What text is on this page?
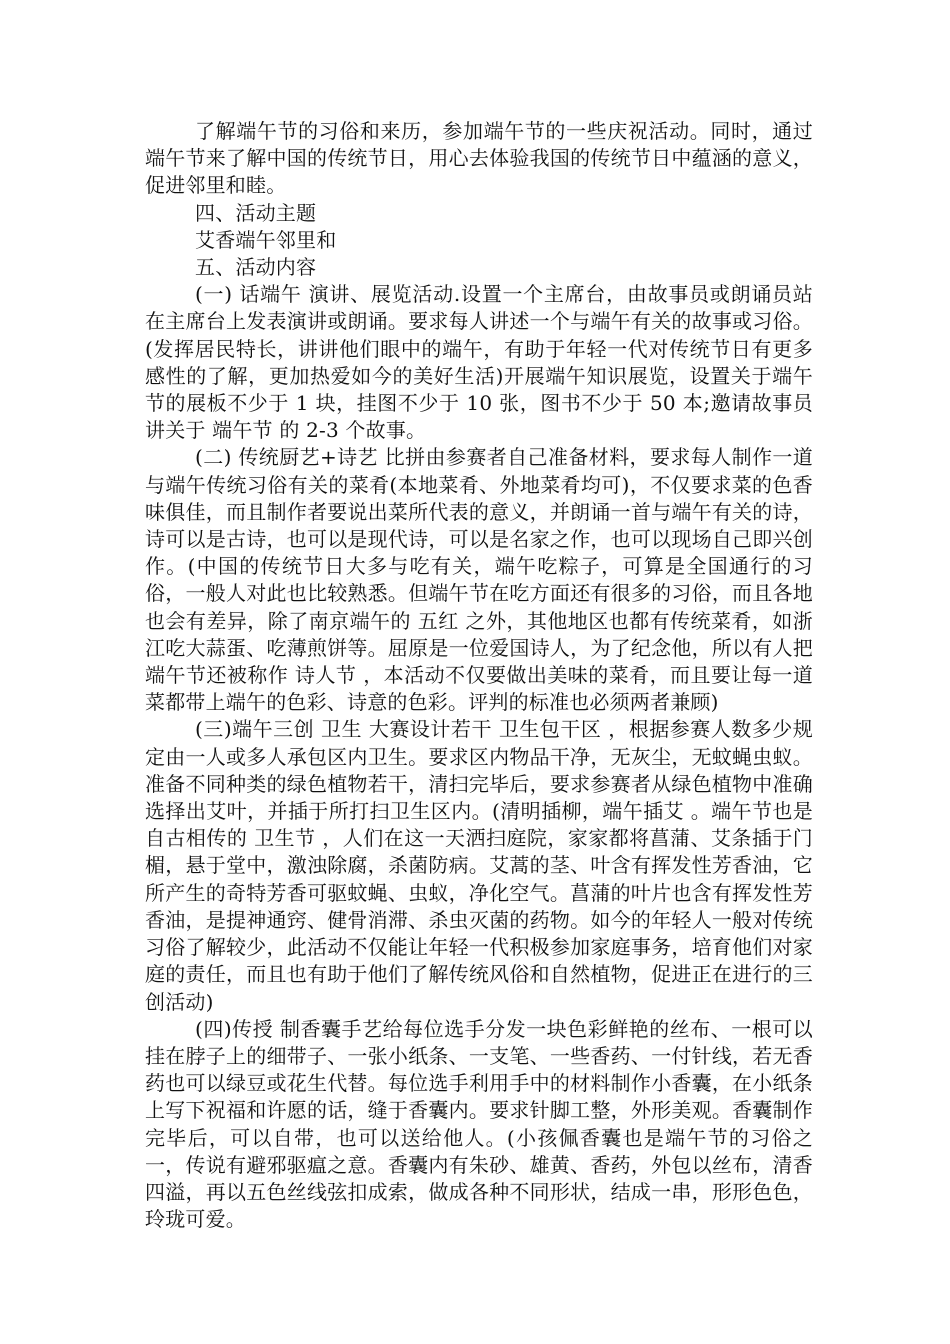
了解端午节的习俗和来历，参加端午节的一些庆祝活动。同时，通过端午节来了解中国的传统节日，用心去体验我国的传统节日中蕴涵的意义，促进邻里和睦。

四、活动主题

艾香端午邻里和

五、活动内容

(一) 话端午 演讲、展览活动.设置一个主席台，由故事员或朗诵员站在主席台上发表演讲或朗诵。要求每人讲述一个与端午有关的故事或习俗。(发挥居民特长，讲讲他们眼中的端午，有助于年轻一代对传统节日有更多感性的了解，更加热爱如今的美好生活)开展端午知识展览，设置关于端午节的展板不少于 1 块，挂图不少于 10 张，图书不少于 50 本;邀请故事员讲关于 端午节 的 2-3 个故事。

(二) 传统厨艺+诗艺 比拼由参赛者自己准备材料，要求每人制作一道与端午传统习俗有关的菜肴(本地菜肴、外地菜肴均可)，不仅要求菜的色香味俱佳，而且制作者要说出菜所代表的意义，并朗诵一首与端午有关的诗，诗可以是古诗，也可以是现代诗，可以是名家之作，也可以现场自己即兴创作。(中国的传统节日大多与吃有关，端午吃粽子，可算是全国通行的习俗，一般人对此也比较熟悉。但端午节在吃方面还有很多的习俗，而且各地也会有差异，除了南京端午的 五红 之外，其他地区也都有传统菜肴，如浙江吃大蒜蛋、吃薄煎饼等。屈原是一位爱国诗人，为了纪念他，所以有人把端午节还被称作 诗人节 ，本活动不仅要做出美味的菜肴，而且要让每一道菜都带上端午的色彩、诗意的色彩。评判的标准也必须两者兼顾)

(三)端午三创 卫生 大赛设计若干 卫生包干区 ，根据参赛人数多少规定由一人或多人承包区内卫生。要求区内物品干净，无灰尘，无蚊蝇虫蚁。准备不同种类的绿色植物若干，清扫完毕后，要求参赛者从绿色植物中准确选择出艾叶，并插于所打扫卫生区内。(清明插柳，端午插艾 。端午节也是自古相传的 卫生节 ，人们在这一天洒扫庭院，家家都将菖蒲、艾条插于门楣，悬于堂中，激浊除腐，杀菌防病。艾蒿的茎、叶含有挥发性芳香油，它所产生的奇特芳香可驱蚊蝇、虫蚁，净化空气。菖蒲的叶片也含有挥发性芳香油，是提神通窍、健骨消滞、杀虫灭菌的药物。如今的年轻人一般对传统习俗了解较少，此活动不仅能让年轻一代积极参加家庭事务，培育他们对家庭的责任，而且也有助于他们了解传统风俗和自然植物，促进正在进行的三创活动)

(四)传授 制香囊手艺给每位选手分发一块色彩鲜艳的丝布、一根可以挂在脖子上的细带子、一张小纸条、一支笔、一些香药、一付针线，若无香药也可以绿豆或花生代替。每位选手利用手中的材料制作小香囊，在小纸条上写下祝福和许愿的话，缝于香囊内。要求针脚工整，外形美观。香囊制作完毕后，可以自带，也可以送给他人。(小孩佩香囊也是端午节的习俗之一，传说有避邪驱瘟之意。香囊内有朱砂、雄黄、香药，外包以丝布，清香四溢，再以五色丝线弦扣成索，做成各种不同形状，结成一串，形形色色，玲珑可爱。
